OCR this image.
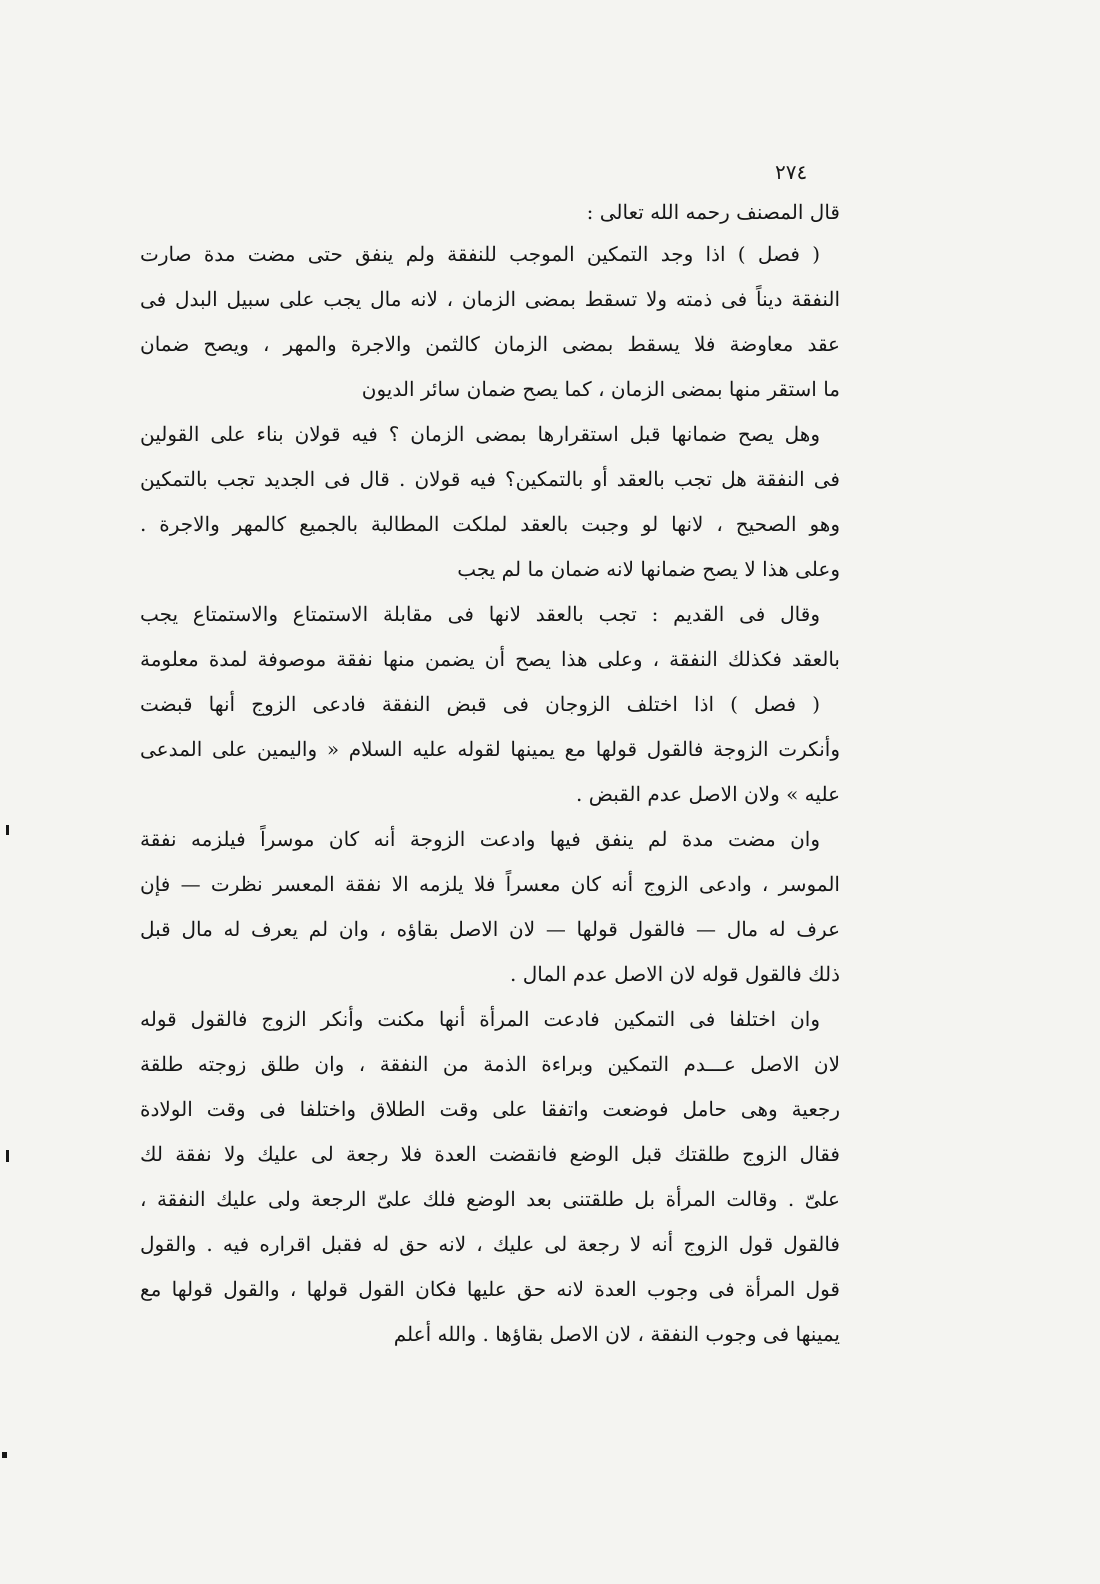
٢٧٤
قال المصنف رحمه الله تعالى :
( فصل ) اذا وجد التمكين الموجب للنفقة ولم ينفق حتى مضت مدة صارت
النفقة ديناً فى ذمته ولا تسقط بمضى الزمان ، لانه مال يجب على سبيل البدل فى
عقد معاوضة فلا يسقط بمضى الزمان كالثمن والاجرة والمهر ، ويصح ضمان
ما استقر منها بمضى الزمان ، كما يصح ضمان سائر الديون
وهل يصح ضمانها قبل استقرارها بمضى الزمان ؟ فيه قولان بناء على القولين
فى النفقة هل تجب بالعقد أو بالتمكين؟ فيه قولان . قال فى الجديد تجب بالتمكين
وهو الصحيح ، لانها لو وجبت بالعقد لملكت المطالبة بالجميع كالمهر والاجرة .
وعلى هذا لا يصح ضمانها لانه ضمان ما لم يجب
وقال فى القديم : تجب بالعقد لانها فى مقابلة الاستمتاع والاستمتاع يجب
بالعقد فكذلك النفقة ، وعلى هذا يصح أن يضمن منها نفقة موصوفة لمدة معلومة
( فصل ) اذا اختلف الزوجان فى قبض النفقة فادعى الزوج أنها قبضت
وأنكرت الزوجة فالقول قولها مع يمينها لقوله عليه السلام « واليمين على المدعى
عليه » ولان الاصل عدم القبض .
وان مضت مدة لم ينفق فيها وادعت الزوجة أنه كان موسراً فيلزمه نفقة
الموسر ، وادعى الزوج أنه كان معسراً فلا يلزمه الا نفقة المعسر نظرت — فإن
عرف له مال — فالقول قولها — لان الاصل بقاؤه ، وان لم يعرف له مال قبل
ذلك فالقول قوله لان الاصل عدم المال .
وان اختلفا فى التمكين فادعت المرأة أنها مكنت وأنكر الزوج فالقول قوله
لان الاصل عـــدم التمكين وبراءة الذمة من النفقة ، وان طلق زوجته طلقة
رجعية وهى حامل فوضعت واتفقا على وقت الطلاق واختلفا فى وقت الولادة
فقال الزوج طلقتك قبل الوضع فانقضت العدة فلا رجعة لى عليك ولا نفقة لك
علىّ . وقالت المرأة بل طلقتنى بعد الوضع فلك علىّ الرجعة ولى عليك النفقة ،
فالقول قول الزوج أنه لا رجعة لى عليك ، لانه حق له فقبل اقراره فيه . والقول
قول المرأة فى وجوب العدة لانه حق عليها فكان القول قولها ، والقول قولها مع
يمينها فى وجوب النفقة ، لان الاصل بقاؤها . والله أعلم
